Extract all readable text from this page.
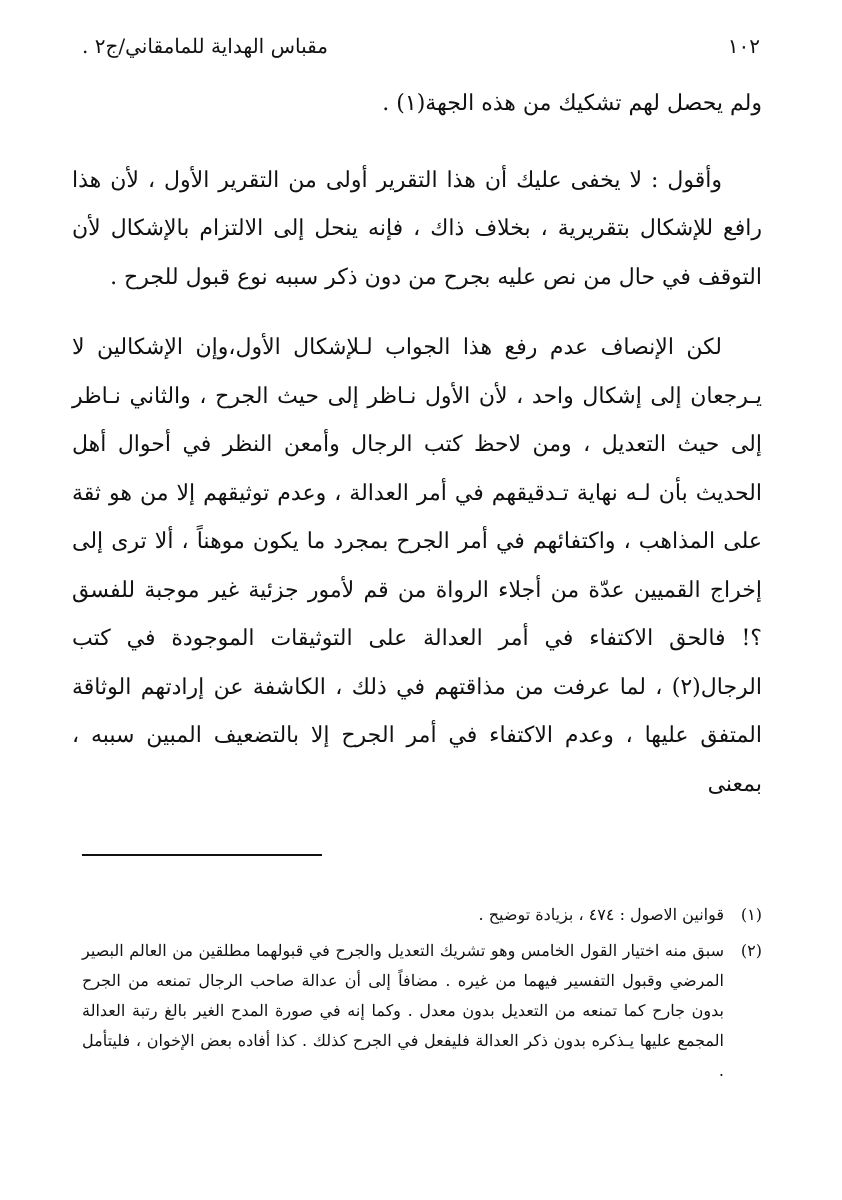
١٠٢
مقباس الهداية للمامقاني/ج٢ .

ولم يحصل لهم تشكيك من هذه الجهة(١) .

وأقول : لا يخفى عليك أن هذا التقرير أولى من التقرير الأول ، لأن هذا رافع للإشكال بتقريرية ، بخلاف ذاك ، فإنه ينحل إلى الالتزام بالإشكال لأن التوقف في حال من نص عليه بجرح من دون ذكر سببه نوع قبول للجرح .

لكن الإنصاف عدم رفع هذا الجواب لـلإشكال الأول،وإن الإشكالين لا يـرجعان إلى إشكال واحد ، لأن الأول نـاظر إلى حيث الجرح ، والثاني نـاظر إلى حيث التعديل ، ومن لاحظ كتب الرجال وأمعن النظر في أحوال أهل الحديث بأن لـه نهاية تـدقيقهم في أمر العدالة ، وعدم توثيقهم إلا من هو ثقة على المذاهب ، واكتفائهم في أمر الجرح بمجرد ما يكون موهناً ، ألا ترى إلى إخراج القميين عدّة من أجلاء الرواة من قم لأمور جزئية غير موجبة للفسق ؟! فالحق الاكتفاء في أمر العدالة على التوثيقات الموجودة في كتب الرجال(٢) ، لما عرفت من مذاقتهم في ذلك ، الكاشفة عن إرادتهم الوثاقة المتفق عليها ، وعدم الاكتفاء في أمر الجرح إلا بالتضعيف المبين سببه ، بمعنى

(١)
قوانين الاصول : ٤٧٤ ، بزيادة توضيح .
(٢)
سبق منه اختيار القول الخامس وهو تشريك التعديل والجرح في قبولهما مطلقين من العالم البصير المرضي وقبول التفسير فيهما من غيره . مضافاً إلى أن عدالة صاحب الرجال تمنعه من الجرح بدون جارح كما تمنعه من التعديل بدون معدل . وكما إنه في صورة المدح الغير بالغ رتبة العدالة المجمع عليها يـذكره بدون ذكر العدالة فليفعل في الجرح كذلك . كذا أفاده بعض الإخوان ، فليتأمل .
